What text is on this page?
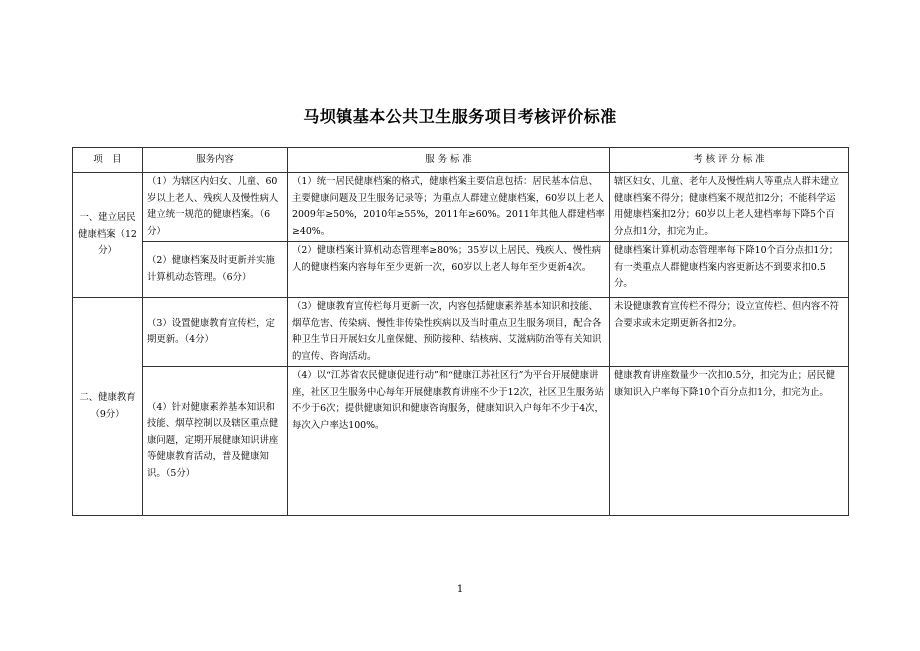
马坝镇基本公共卫生服务项目考核评价标准
项　目	服务内容	服 务 标 准	考 核 评 分 标 准
一、建立居民健康档案（12分）	（1）为辖区内妇女、儿童、60岁以上老人、残疾人及慢性病人建立统一规范的健康档案。（6分）	（1）统一居民健康档案的格式，健康档案主要信息包括：居民基本信息、主要健康问题及卫生服务记录等；为重点人群建立健康档案，60岁以上老人2009年≥50%，2010年≥55%，2011年≥60%。2011年其他人群建档率≥40%。	辖区妇女、儿童、老年人及慢性病人等重点人群未建立健康档案不得分；健康档案不规范扣2分；不能科学运用健康档案扣2分；60岁以上老人建档率每下降5个百分点扣1分，扣完为止。
	（2）健康档案及时更新并实施计算机动态管理。（6分）	（2）健康档案计算机动态管理率≥80%；35岁以上居民、残疾人、慢性病人的健康档案内容每年至少更新一次，60岁以上老人每年至少更新4次。	健康档案计算机动态管理率每下降10个百分点扣1分；有一类重点人群健康档案内容更新达不到要求扣0.5分。
二、健康教育（9分）	（3）设置健康教育宣传栏，定期更新。（4分）	（3）健康教育宣传栏每月更新一次，内容包括健康素养基本知识和技能、烟草危害、传染病、慢性非传染性疾病以及当时重点卫生服务项目，配合各种卫生节日开展妇女儿童保健、预防接种、结核病、艾滋病防治等有关知识的宣传、咨询活动。	未设健康教育宣传栏不得分；设立宣传栏、但内容不符合要求或未定期更新各扣2分。
	（4）针对健康素养基本知识和技能、烟草控制以及辖区重点健康问题，定期开展健康知识讲座等健康教育活动，普及健康知识。（5分）	（4）以“江苏省农民健康促进行动”和“健康江苏社区行”为平台开展健康讲座，社区卫生服务中心每年开展健康教育讲座不少于12次，社区卫生服务站不少于6次；提供健康知识和健康咨询服务，健康知识入户每年不少于4次，每次入户率达100%。	健康教育讲座数量少一次扣0.5分，扣完为止；居民健康知识入户率每下降10个百分点扣1分，扣完为止。
1
